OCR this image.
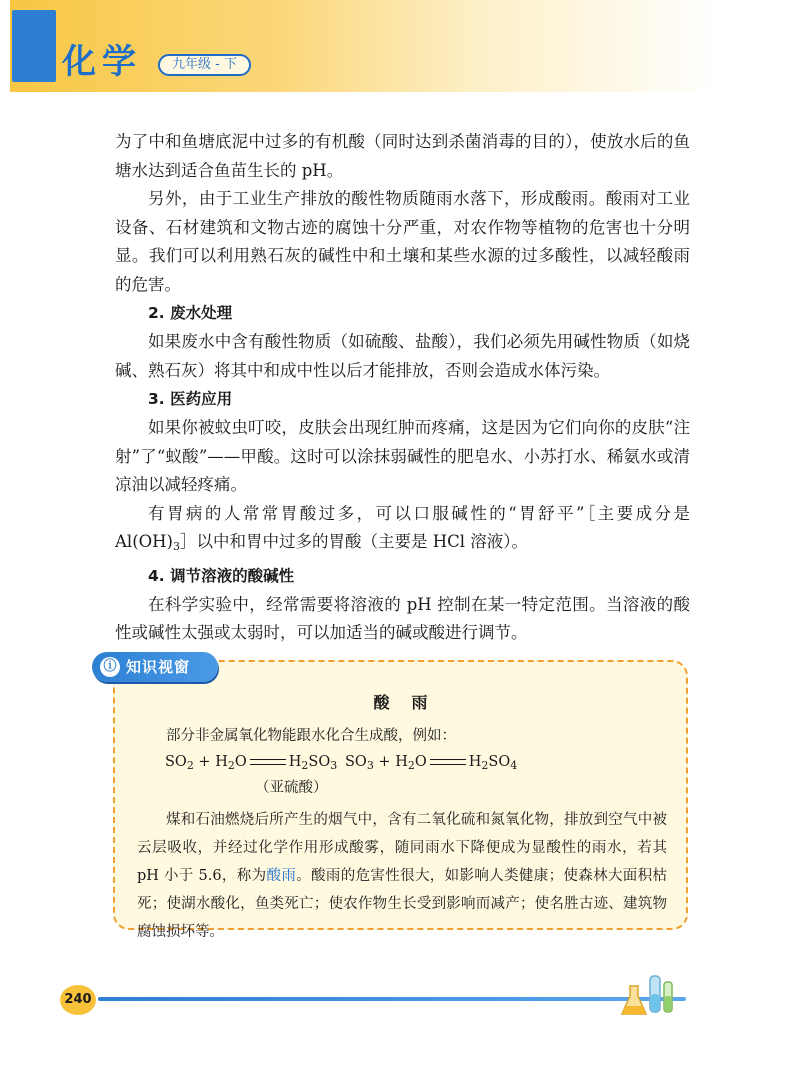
化学	九年级 - 下

为了中和鱼塘底泥中过多的有机酸（同时达到杀菌消毒的目的），使放水后的鱼塘水达到适合鱼苗生长的 pH。

另外，由于工业生产排放的酸性物质随雨水落下，形成酸雨。酸雨对工业设备、石材建筑和文物古迹的腐蚀十分严重，对农作物等植物的危害也十分明显。我们可以利用熟石灰的碱性中和土壤和某些水源的过多酸性，以减轻酸雨的危害。

2. 废水处理

如果废水中含有酸性物质（如硫酸、盐酸），我们必须先用碱性物质（如烧碱、熟石灰）将其中和成中性以后才能排放，否则会造成水体污染。

3. 医药应用

如果你被蚊虫叮咬，皮肤会出现红肿而疼痛，这是因为它们向你的皮肤“注射”了“蚁酸”——甲酸。这时可以涂抹弱碱性的肥皂水、小苏打水、稀氨水或清凉油以减轻疼痛。

有胃病的人常常胃酸过多，可以口服碱性的“胃舒平”［主要成分是 $Al(OH)_3]$以中和胃中过多的胃酸（主要是 HCl 溶液）。

4. 调节溶液的酸碱性

在科学实验中，经常需要将溶液的 pH 控制在某一特定范围。当溶液的酸性或碱性太强或太弱时，可以加适当的碱或酸进行调节。

酸雨

部分非金属氧化物能跟水化合生成酸，例如：

$SO_2 + H_2O$	$H_2SO_3$ $SO_3 + H_2O$	$H_2SO_4$
（亚硫酸）

煤和石油燃烧后所产生的烟气中，含有二氧化硫和氮氧化物，排放到空气中被云层吸收，并经过化学作用形成酸雾，随同雨水下降便成为显酸性的雨水，若其 pH 小于 5.6，称为酸雨。酸雨的危害性很大，如影响人类健康；使森林大面积枯死；使湖水酸化，鱼类死亡；使农作物生长受到影响而减产；使名胜古迹、建筑物腐蚀损坏等。

ⓘ 知识视窗
240
